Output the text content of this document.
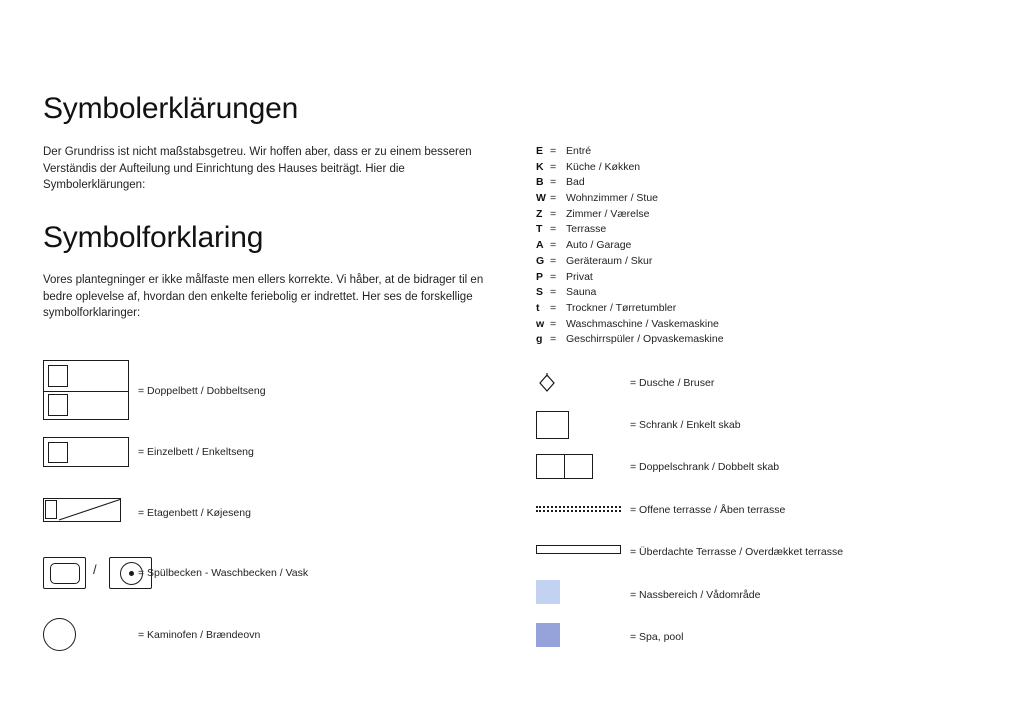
Symbolerklärungen
Der Grundriss ist nicht maßstabsgetreu. Wir hoffen aber, dass er zu einem besseren Verständis der Aufteilung und Einrichtung des Hauses beiträgt. Hier die Symbolerklärungen:
Symbolforklaring
Vores plantegninger er ikke målfaste men ellers korrekte. Vi håber, at de bidrager til en bedre oplevelse af, hvordan den enkelte feriebolig er indrettet. Her ses de forskellige symbolforklaringer:
E = Entré
K = Küche / Køkken
B = Bad
W = Wohnzimmer / Stue
Z = Zimmer / Værelse
T = Terrasse
A = Auto / Garage
G = Geräteraum / Skur
P = Privat
S = Sauna
t	= Trockner / Tørretumbler
w = Waschmaschine / Vaskemaskine
g = Geschirrspüler / Opvaskemaskine
= Doppelbett / Dobbeltseng
= Einzelbett / Enkeltseng
= Etagenbett / Køjeseng
/	= Spülbecken - Waschbecken / Vask
= Kaminofen / Brændeovn
= Dusche / Bruser
= Schrank / Enkelt skab
= Doppelschrank / Dobbelt skab
= Offene terrasse / Åben terrasse
= Überdachte Terrasse / Overdækket terrasse
= Nassbereich / Vådområde
= Spa, pool
